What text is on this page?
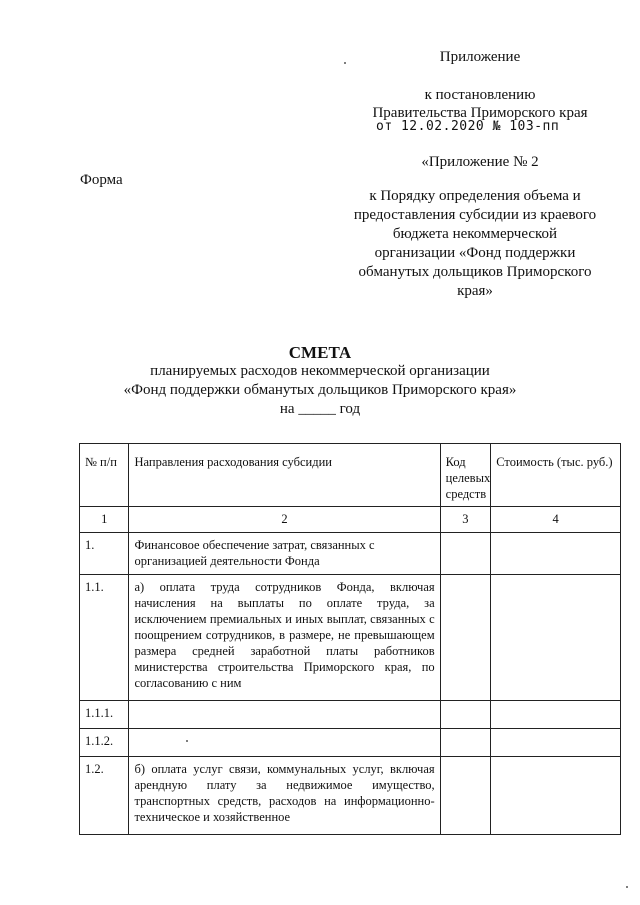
Приложение
к постановлению
Правительства Приморского края
от 12.02.2020 № 103-пп
«Приложение № 2
Форма
к Порядку определения объема и
предоставления субсидии из краевого
бюджета некоммерческой
организации «Фонд поддержки
обманутых дольщиков Приморского
края»
СМЕТА
планируемых расходов некоммерческой организации
«Фонд поддержки обманутых дольщиков Приморского края»
на _____ год
№ п/п	Направления расходования субсидии	Код целевых средств	Стоимость (тыс. руб.)
1	2	3	4
1.	Финансовое обеспечение затрат, связанных с организацией деятельности Фонда		
1.1.	а) оплата труда сотрудников Фонда, включая начисления на выплаты по оплате труда, за исключением премиальных и иных выплат, связанных с поощрением сотрудников, в размере, не превышающем размера средней заработной платы работников министерства строительства Приморского края, по согласованию с ним		
1.1.1.			
1.1.2.			
1.2.	б) оплата услуг связи, коммунальных услуг, включая арендную плату за недвижимое имущество, транспортных средств, расходов на информационно-техническое и хозяйственное		
